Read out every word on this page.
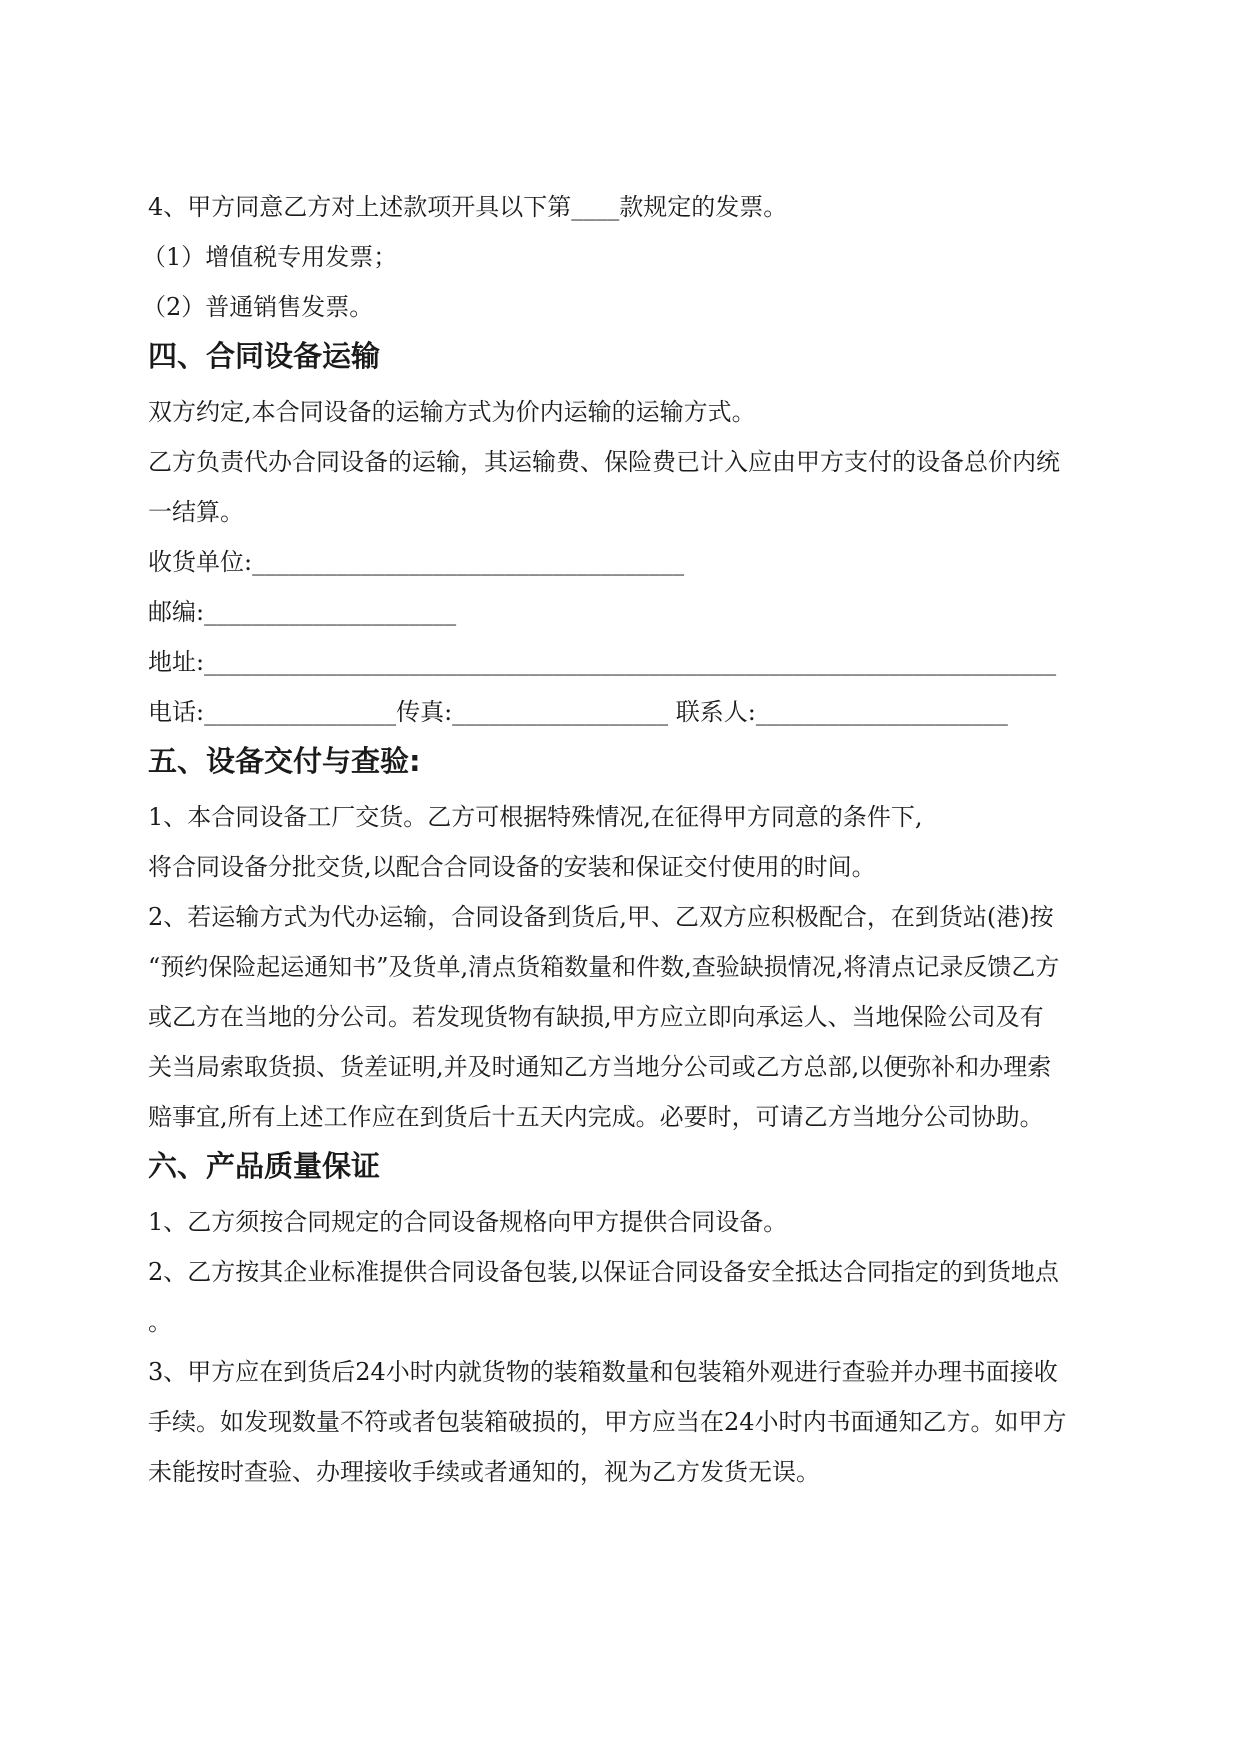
4、甲方同意乙方对上述款项开具以下第____款规定的发票。

（1）增值税专用发票；

（2）普通销售发票。

四、合同设备运输

双方约定,本合同设备的运输方式为价内运输的运输方式。

乙方负责代办合同设备的运输，其运输费、保险费已计入应由甲方支付的设备总价内统

一结算。

收货单位:____________________________________

邮编:_____________________

地址:_______________________________________________________________________

电话:________________传真:__________________ 联系人:_____________________

五、设备交付与查验:

1、本合同设备工厂交货。乙方可根据特殊情况,在征得甲方同意的条件下,

将合同设备分批交货,以配合合同设备的安装和保证交付使用的时间。

2、若运输方式为代办运输，合同设备到货后,甲、乙双方应积极配合，在到货站(港)按

“预约保险起运通知书”及货单,清点货箱数量和件数,查验缺损情况,将清点记录反馈乙方

或乙方在当地的分公司。若发现货物有缺损,甲方应立即向承运人、当地保险公司及有

关当局索取货损、货差证明,并及时通知乙方当地分公司或乙方总部,以便弥补和办理索

赔事宜,所有上述工作应在到货后十五天内完成。必要时，可请乙方当地分公司协助。

六、产品质量保证

1、乙方须按合同规定的合同设备规格向甲方提供合同设备。

2、乙方按其企业标准提供合同设备包装,以保证合同设备安全抵达合同指定的到货地点

。

3、甲方应在到货后24小时内就货物的装箱数量和包装箱外观进行查验并办理书面接收

手续。如发现数量不符或者包装箱破损的，甲方应当在24小时内书面通知乙方。如甲方

未能按时查验、办理接收手续或者通知的，视为乙方发货无误。
